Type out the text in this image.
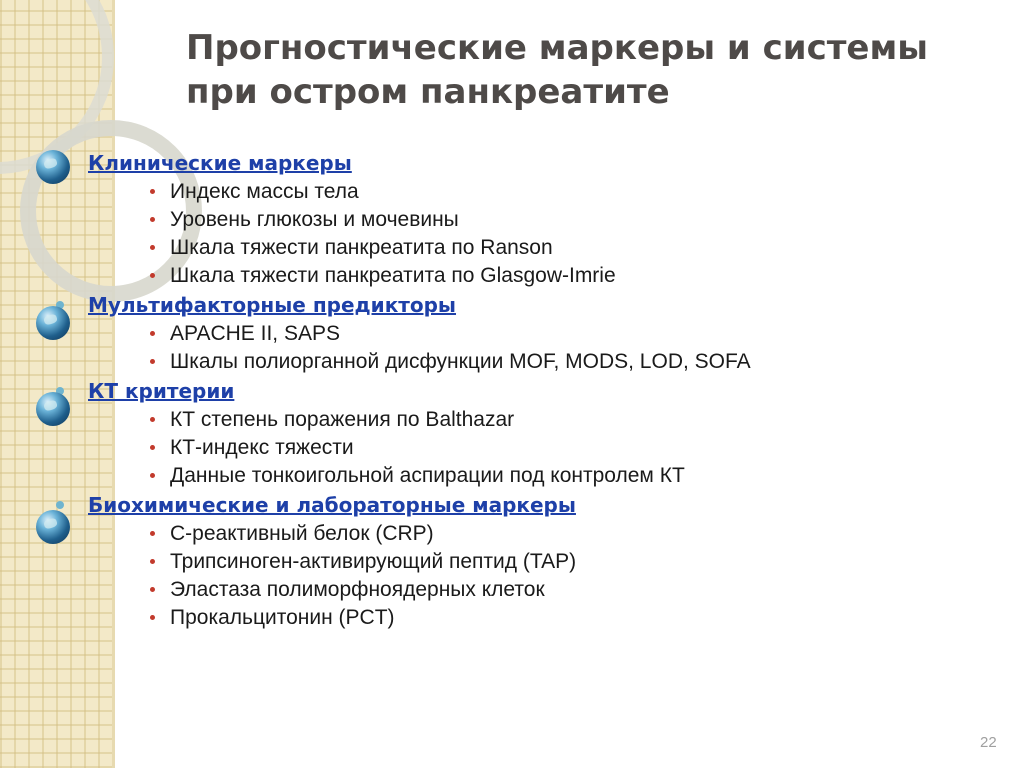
Прогностические маркеры и системы
при остром панкреатите
Клинические маркеры
Индекс массы тела
Уровень глюкозы и мочевины
Шкала тяжести панкреатита по Ranson
Шкала тяжести панкреатита по Glasgow-Imrie
Мультифакторные предикторы
APACHE II, SAPS
Шкалы полиорганной дисфункции MOF, MODS, LOD, SOFA
КТ критерии
КТ степень поражения по Balthazar
КТ-индекс тяжести
Данные тонкоигольной аспирации под контролем КТ
Биохимические и лабораторные маркеры
С-реактивный белок (CRP)
Трипсиноген-активирующий пептид (TAP)
Эластаза полиморфноядерных клеток
Прокальцитонин (PCT)
22
